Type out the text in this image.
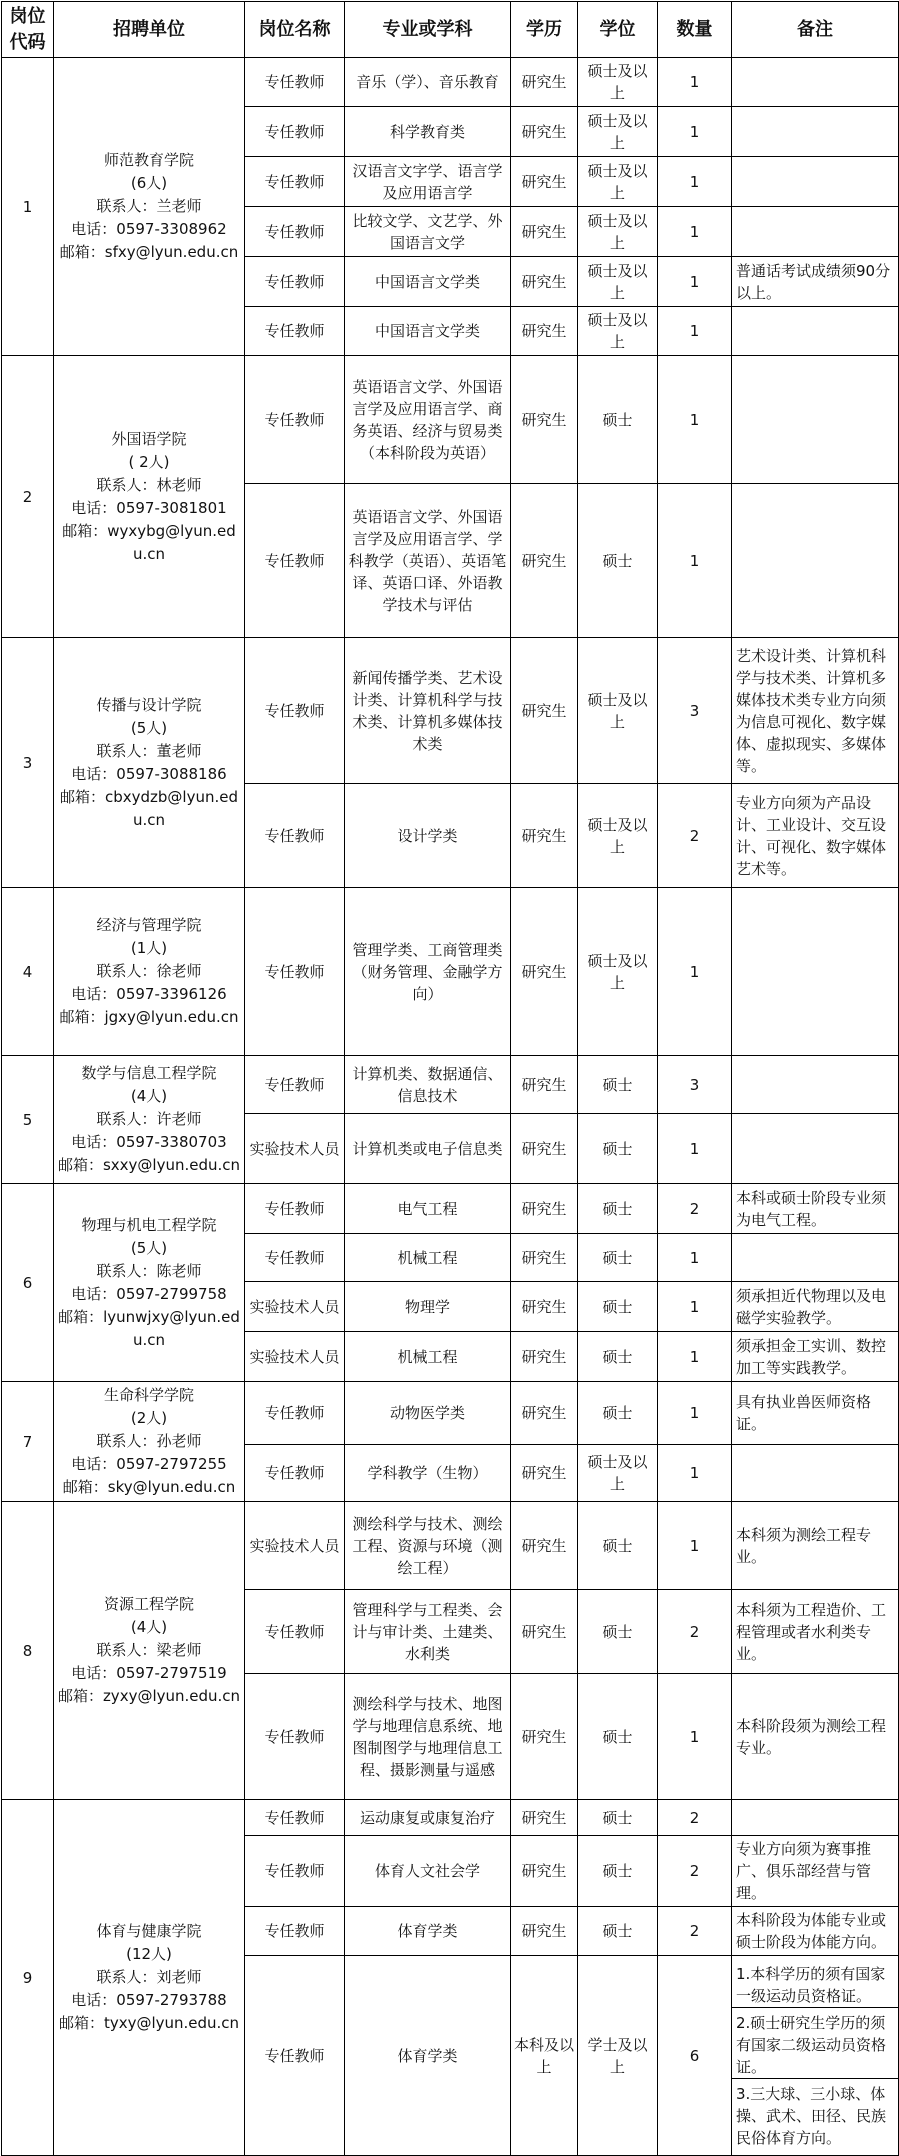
岗位代码	招聘单位	岗位名称	专业或学科	学历	学位	数量	备注
1	师范教育学院
(6人)
联系人：兰老师
电话：0597-3308962
邮箱：sfxy@lyun.edu.cn	专任教师	音乐（学）、音乐教育	研究生	硕士及以上	1	
		专任教师	科学教育类	研究生	硕士及以上	1	
		专任教师	汉语言文字学、语言学及应用语言学	研究生	硕士及以上	1	
		专任教师	比较文学、文艺学、外国语言文学	研究生	硕士及以上	1	
		专任教师	中国语言文学类	研究生	硕士及以上	1	普通话考试成绩须90分以上。
		专任教师	中国语言文学类	研究生	硕士及以上	1	
2	外国语学院
( 2人)
联系人：林老师
电话：0597-3081801
邮箱：wyxybg@lyun.edu.cn	专任教师	英语语言文学、外国语言学及应用语言学、商务英语、经济与贸易类（本科阶段为英语）	研究生	硕士	1	
		专任教师	英语语言文学、外国语言学及应用语言学、学科教学（英语）、英语笔译、英语口译、外语教学技术与评估	研究生	硕士	1	
3	传播与设计学院
(5人)
联系人：董老师
电话：0597-3088186
邮箱：cbxydzb@lyun.edu.cn	专任教师	新闻传播学类、艺术设计类、计算机科学与技术类、计算机多媒体技术类	研究生	硕士及以上	3	艺术设计类、计算机科学与技术类、计算机多媒体技术类专业方向须为信息可视化、数字媒体、虚拟现实、多媒体等。
		专任教师	设计学类	研究生	硕士及以上	2	专业方向须为产品设计、工业设计、交互设计、可视化、数字媒体艺术等。
4	经济与管理学院
(1人)
联系人：徐老师
电话：0597-3396126
邮箱：jgxy@lyun.edu.cn	专任教师	管理学类、工商管理类（财务管理、金融学方向）	研究生	硕士及以上	1	
5	数学与信息工程学院
(4人)
联系人：许老师
电话：0597-3380703
邮箱：sxxy@lyun.edu.cn	专任教师	计算机类、数据通信、信息技术	研究生	硕士	3	
		实验技术人员	计算机类或电子信息类	研究生	硕士	1	
6	物理与机电工程学院
(5人)
联系人：陈老师
电话：0597-2799758
邮箱：lyunwjxy@lyun.edu.cn	专任教师	电气工程	研究生	硕士	2	本科或硕士阶段专业须为电气工程。
		专任教师	机械工程	研究生	硕士	1	
		实验技术人员	物理学	研究生	硕士	1	须承担近代物理以及电磁学实验教学。
		实验技术人员	机械工程	研究生	硕士	1	须承担金工实训、数控加工等实践教学。
7	生命科学学院
(2人)
联系人：孙老师
电话：0597-2797255
邮箱：sky@lyun.edu.cn	专任教师	动物医学类	研究生	硕士	1	具有执业兽医师资格证。
		专任教师	学科教学（生物）	研究生	硕士及以上	1	
8	资源工程学院
(4人)
联系人：梁老师
电话：0597-2797519
邮箱：zyxy@lyun.edu.cn	实验技术人员	测绘科学与技术、测绘工程、资源与环境（测绘工程）	研究生	硕士	1	本科须为测绘工程专业。
		专任教师	管理科学与工程类、会计与审计类、土建类、水利类	研究生	硕士	2	本科须为工程造价、工程管理或者水利类专业。
		专任教师	测绘科学与技术、地图学与地理信息系统、地图制图学与地理信息工程、摄影测量与遥感	研究生	硕士	1	本科阶段须为测绘工程专业。
9	体育与健康学院
(12人)
联系人：刘老师
电话：0597-2793788
邮箱：tyxy@lyun.edu.cn	专任教师	运动康复或康复治疗	研究生	硕士	2	
		专任教师	体育人文社会学	研究生	硕士	2	专业方向须为赛事推广、俱乐部经营与管理。
		专任教师	体育学类	研究生	硕士	2	本科阶段为体能专业或硕士阶段为体能方向。
		专任教师	体育学类	本科及以上	学士及以上	6	1.本科学历的须有国家一级运动员资格证。
2.硕士研究生学历的须有国家二级运动员资格证。
3.三大球、三小球、体操、武术、田径、民族民俗体育方向。
